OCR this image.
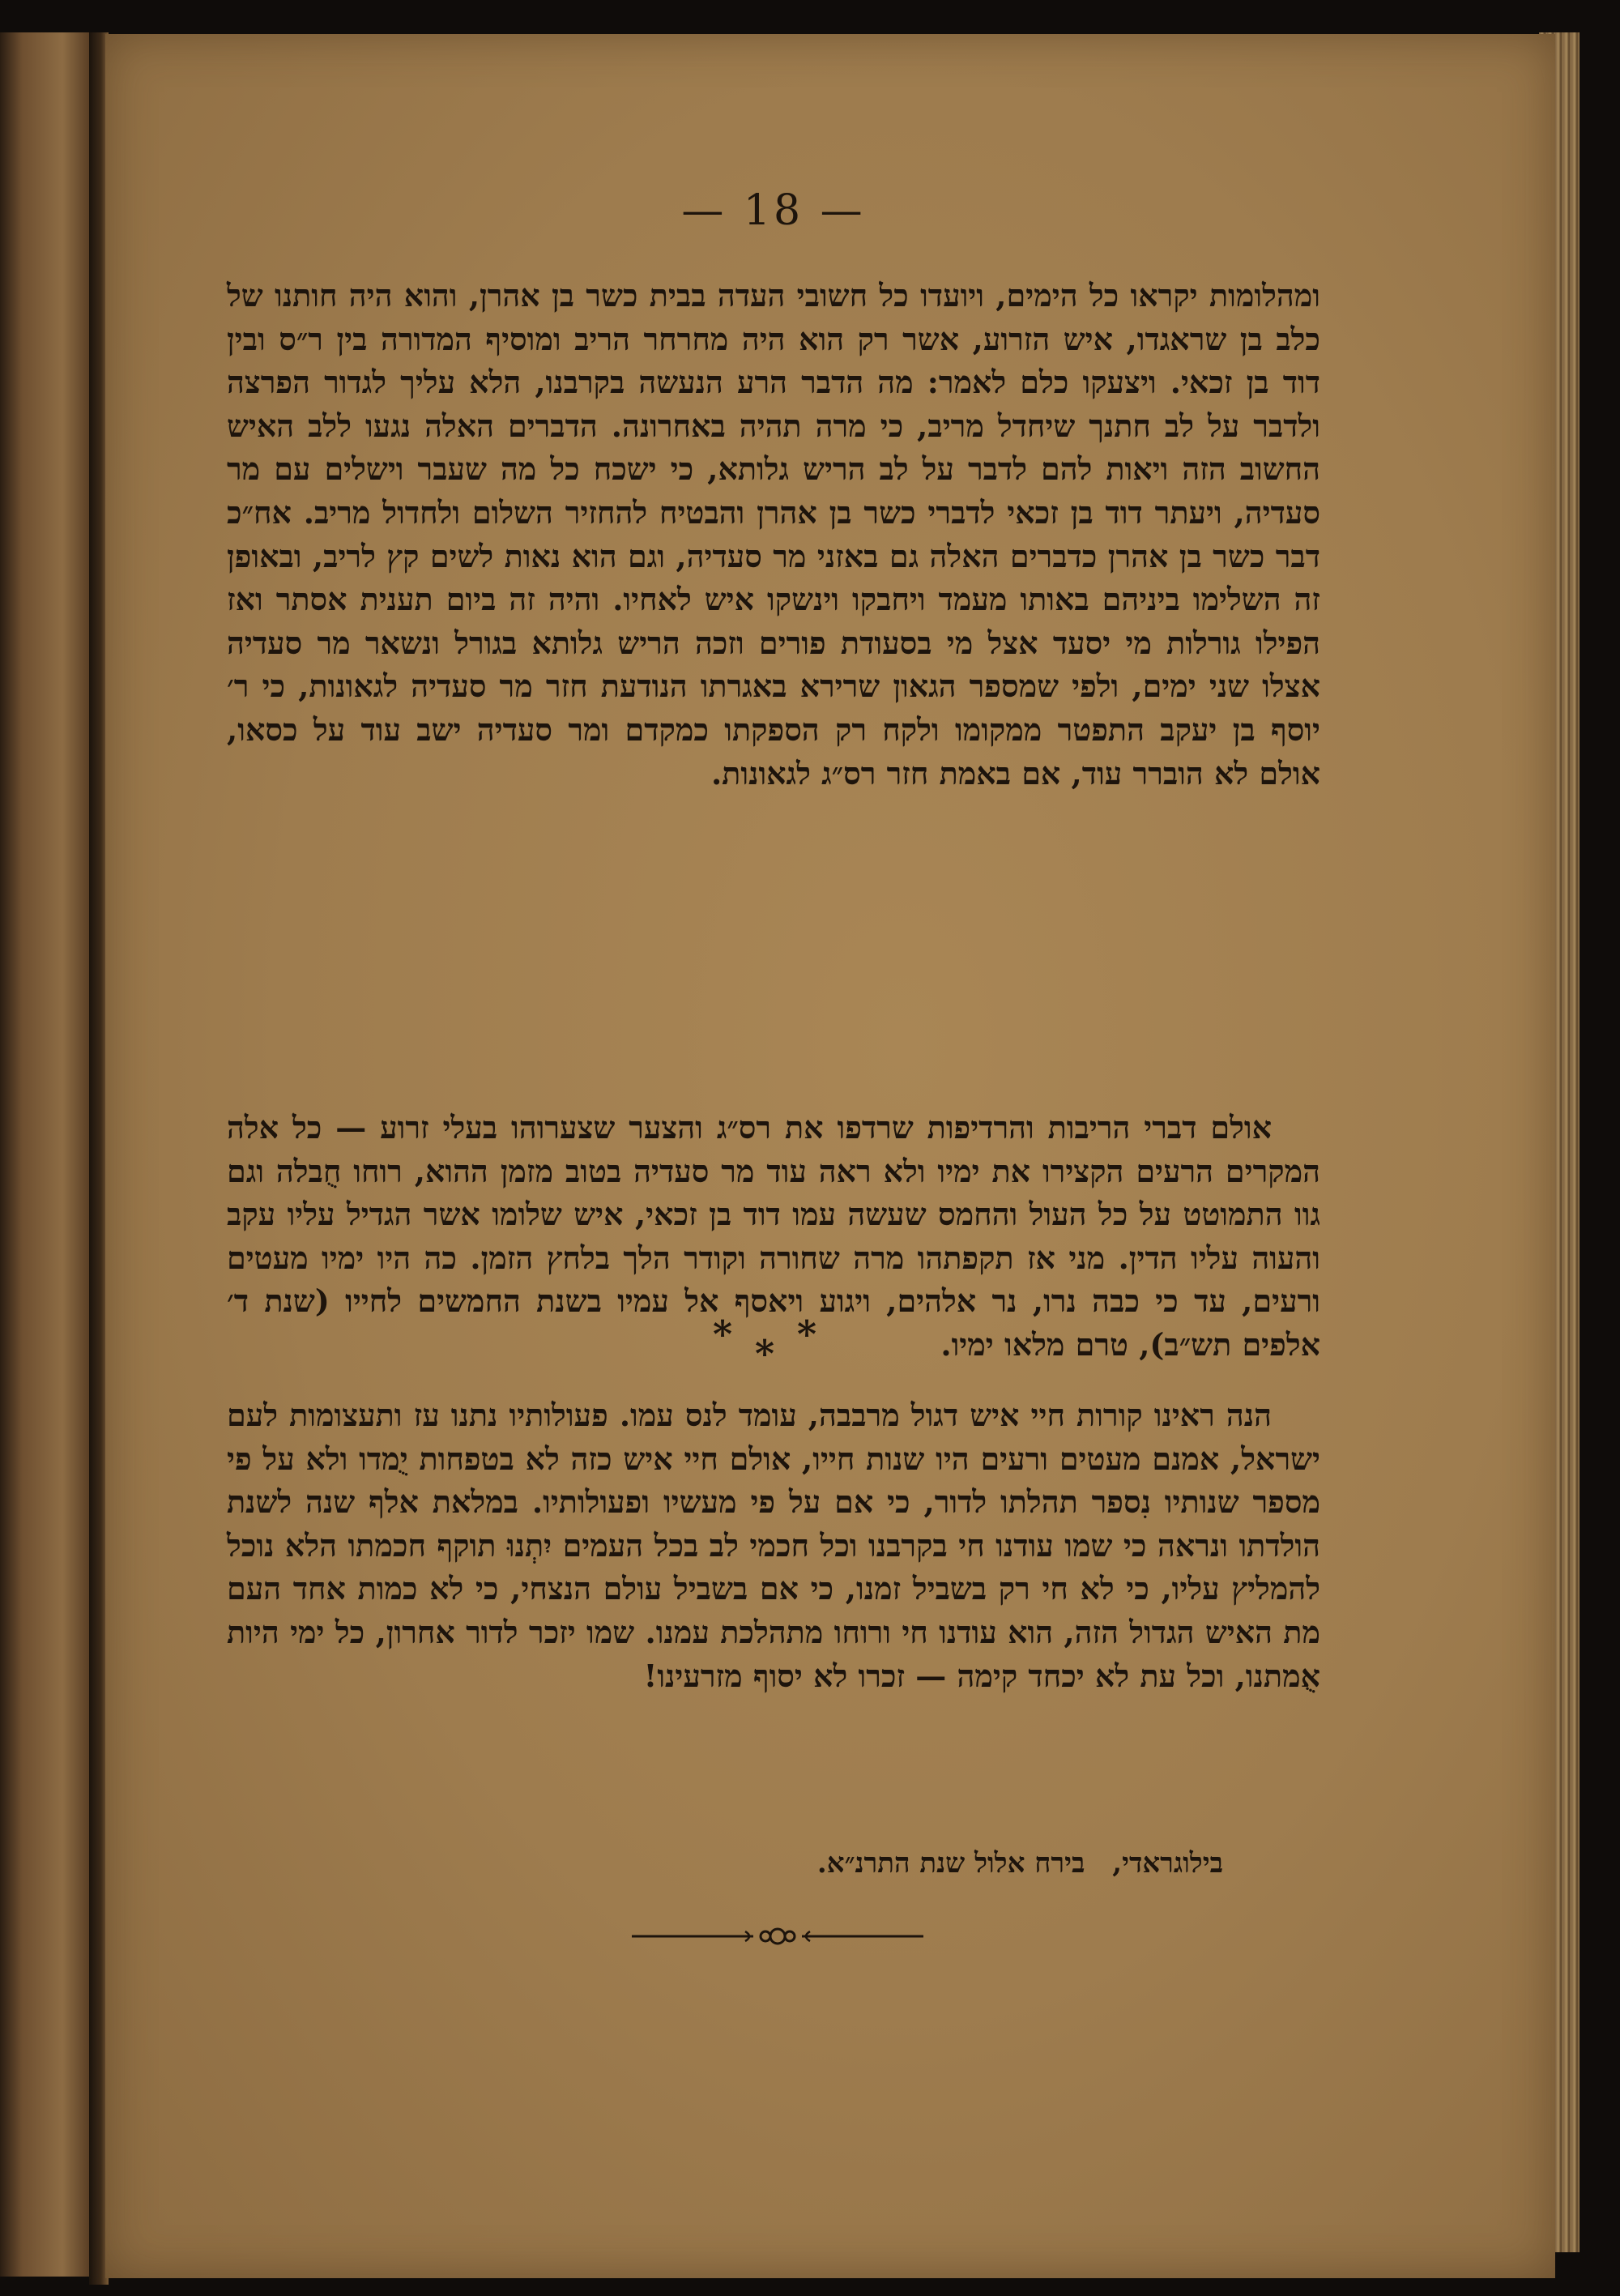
— 18 —

ומהלומות יקראו כל הימים, ויועדו כל חשובי העדה בבית כשר בן אהרן, והוא היה חותנו של כלב בן שראגדו, איש הזרוע, אשר רק הוא היה מחרחר הריב ומוסיף המדורה בין ר״ס ובין דוד בן זכאי. ויצעקו כלם לאמר: מה הדבר הרע הנעשה בקרבנו, הלא עליך לגדור הפרצה ולדבר על לב חתנך שיחדל מריב, כי מרה תהיה באחרונה. הדברים האלה נגעו ללב האיש החשוב הזה ויאות להם לדבר על לב הריש גלותא, כי ישכח כל מה שעבר וישלים עם מר סעדיה, ויעתר דוד בן זכאי לדברי כשר בן אהרן והבטיח להחזיר השלום ולחדול מריב. אח״כ דבר כשר בן אהרן כדברים האלה גם באזני מר סעדיה, וגם הוא נאות לשים קץ לריב, ובאופן זה השלימו ביניהם באותו מעמד ויחבקו וינשקו איש לאחיו. והיה זה ביום תענית אסתר ואז הפילו גורלות מי יסעד אצל מי בסעודת פורים וזכה הריש גלותא בגורל ונשאר מר סעדיה אצלו שני ימים, ולפי שמספר הגאון שרירא באגרתו הנודעת חזר מר סעדיה לגאונות, כי ר׳ יוסף בן יעקב התפטר ממקומו ולקח רק הספקתו כמקדם ומר סעדיה ישב עוד על כסאו, אולם לא הוברר עוד, אם באמת חזר רס״ג לגאונות.

אולם דברי הריבות והרדיפות שרדפו את רס״ג והצער שצערוהו בעלי זרוע — כל אלה המקרים הרעים הקצירו את ימיו ולא ראה עוד מר סעדיה בטוב מזמן ההוא, רוחו חֻבלה וגם גוו התמוטט על כל העול והחמס שעשה עמו דוד בן זכאי, איש שלומו אשר הגדיל עליו עקב והעוה עליו הדין. מני אז תקפתהו מרה שחורה וקודר הלך בלחץ הזמן. כה היו ימיו מעטים ורעים, עד כי כבה נרו, נר אלהים, ויגוע ויאסף אל עמיו בשנת החמשים לחייו (שנת ד׳ אלפים תש״ב), טרם מלאו ימיו.

* * *

הנה ראינו קורות חיי איש דגול מרבבה, עומד לנס עמו. פעולותיו נתנו עז ותעצומות לעם ישראל, אמנם מעטים ורעים היו שנות חייו, אולם חיי איש כזה לא בטפחות יֻמדו ולא על פי מספר שנותיו נִספר תהלתו לדור, כי אם על פי מעשיו ופעולותיו. במלאת אלף שנה לשנת הולדתו ונראה כי שמו עודנו חי בקרבנו וכל חכמי לב בכל העמים יִתְנוּ תוקף חכמתו הלא נוכל להמליץ עליו, כי לא חי רק בשביל זמנו, כי אם בשביל עולם הנצחי, כי לא כמות אחד העם מת האיש הגדול הזה, הוא עודנו חי ורוחו מתהלכת עמנו. שמו יזכר לדור אחרון, כל ימי היות אֻמתנו, וכל עת לא יכחד קימה — זכרו לא יסוף מזרעינו!

בילוגראדי, בירח אלול שנת התרנ״א.
